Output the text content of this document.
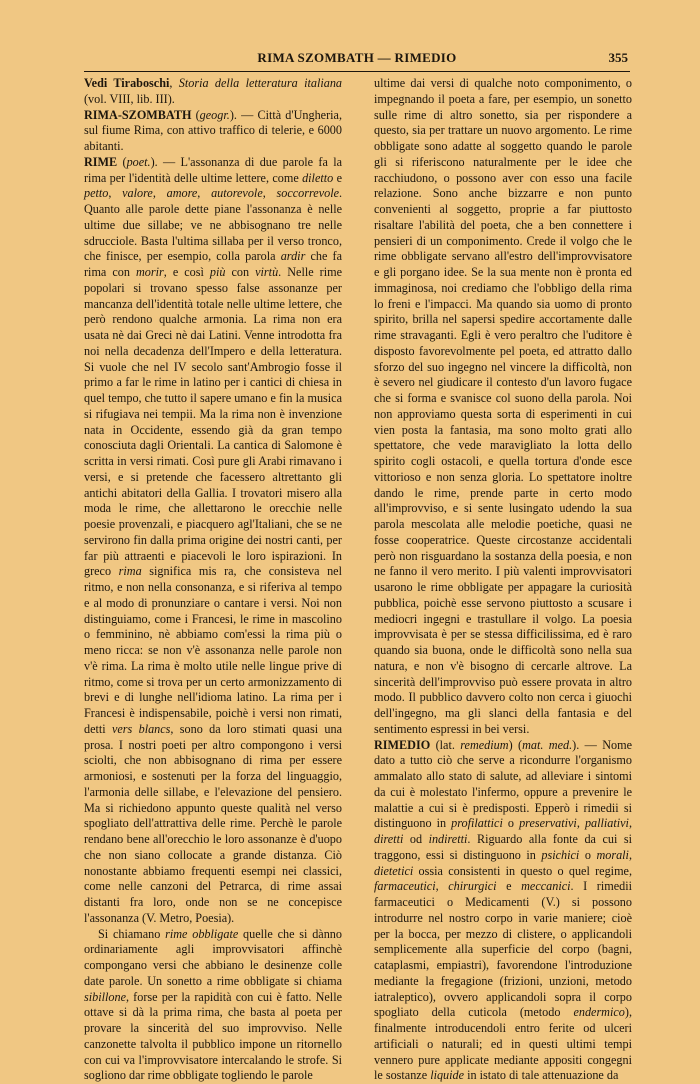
RIMA SZOMBATH — RIMEDIO	355

Vedi Tiraboschi, Storia della letteratura italiana (vol. VIII, lib. III).

RIMA-SZOMBATH (geogr.). — Città d'Ungheria, sul fiume Rima, con attivo traffico di telerie, e 6000 abitanti.

RIME (poet.). — L'assonanza di due parole fa la rima per l'identità delle ultime lettere, come diletto e petto, valore, amore, autorevole, soccorrevole. Quanto alle parole dette piane l'assonanza è nelle ultime due sillabe; ve ne abbisognano tre nelle sdrucciole. Basta l'ultima sillaba per il verso tronco, che finisce, per esempio, colla parola ardir che fa rima con morir, e così più con virtù. Nelle rime popolari si trovano spesso false assonanze per mancanza dell'identità totale nelle ultime lettere, che però rendono qualche armonia. La rima non era usata nè dai Greci nè dai Latini. Venne introdotta fra noi nella decadenza dell'Impero e della letteratura. Si vuole che nel IV secolo sant'Ambrogio fosse il primo a far le rime in latino per i cantici di chiesa in quel tempo, che tutto il sapere umano e fin la musica si rifugiava nei tempii. Ma la rima non è invenzione nata in Occidente, essendo già da gran tempo conosciuta dagli Orientali. La cantica di Salomone è scritta in versi rimati. Così pure gli Arabi rimavano i versi, e si pretende che facessero altrettanto gli antichi abitatori della Gallia. I trovatori misero alla moda le rime, che allettarono le orecchie nelle poesie provenzali, e piacquero agl'Italiani, che se ne servirono fin dalla prima origine dei nostri canti, per far più attraenti e piacevoli le loro ispirazioni. In greco rima significa mis ra, che consisteva nel ritmo, e non nella consonanza, e si riferiva al tempo e al modo di pronunziare o cantare i versi. Noi non distinguiamo, come i Francesi, le rime in mascolino o femminino, nè abbiamo com'essi la rima più o meno ricca: se non v'è assonanza nelle parole non v'è rima. La rima è molto utile nelle lingue prive di ritmo, come si trova per un certo armonizzamento di brevi e di lunghe nell'idioma latino. La rima per i Francesi è indispensabile, poichè i versi non rimati, detti vers blancs, sono da loro stimati quasi una prosa. I nostri poeti per altro compongono i versi sciolti, che non abbisognano di rima per essere armoniosi, e sostenuti per la forza del linguaggio, l'armonia delle sillabe, e l'elevazione del pensiero. Ma si richiedono appunto queste qualità nel verso spogliato dell'attrattiva delle rime. Perchè le parole rendano bene all'orecchio le loro assonanze è d'uopo che non siano collocate a grande distanza. Ciò nonostante abbiamo frequenti esempi nei classici, come nelle canzoni del Petrarca, di rime assai distanti fra loro, onde non se ne concepisce l'assonanza (V. Metro, Poesia).

Si chiamano rime obbligate quelle che si dànno ordinariamente agli improvvisatori affinchè compongano versi che abbiano le desinenze colle date parole. Un sonetto a rime obbligate si chiama sibillone, forse per la rapidità con cui è fatto. Nelle ottave si dà la prima rima, che basta al poeta per provare la sincerità del suo improvviso. Nelle canzonette talvolta il pubblico impone un ritornello con cui va l'improvvisatore intercalando le strofe. Si sogliono dar rime obbligate togliendo le parole

ultime dai versi di qualche noto componimento, o impegnando il poeta a fare, per esempio, un sonetto sulle rime di altro sonetto, sia per rispondere a questo, sia per trattare un nuovo argomento. Le rime obbligate sono adatte al soggetto quando le parole gli si riferiscono naturalmente per le idee che racchiudono, o possono aver con esso una facile relazione. Sono anche bizzarre e non punto convenienti al soggetto, proprie a far piuttosto risaltare l'abilità del poeta, che a ben connettere i pensieri di un componimento. Crede il volgo che le rime obbligate servano all'estro dell'improvvisatore e gli porgano idee. Se la sua mente non è pronta ed immaginosa, noi crediamo che l'obbligo della rima lo freni e l'impacci. Ma quando sia uomo di pronto spirito, brilla nel sapersi spedire accortamente dalle rime stravaganti. Egli è vero peraltro che l'uditore è disposto favorevolmente pel poeta, ed attratto dallo sforzo del suo ingegno nel vincere la difficoltà, non è severo nel giudicare il contesto d'un lavoro fugace che si forma e svanisce col suono della parola. Noi non approviamo questa sorta di esperimenti in cui vien posta la fantasia, ma sono molto grati allo spettatore, che vede maravigliato la lotta dello spirito cogli ostacoli, e quella tortura d'onde esce vittorioso e non senza gloria. Lo spettatore inoltre dando le rime, prende parte in certo modo all'improvviso, e si sente lusingato udendo la sua parola mescolata alle melodie poetiche, quasi ne fosse cooperatrice. Queste circostanze accidentali però non risguardano la sostanza della poesia, e non ne fanno il vero merito. I più valenti improvvisatori usarono le rime obbligate per appagare la curiosità pubblica, poichè esse servono piuttosto a scusare i mediocri ingegni e trastullare il volgo. La poesia improvvisata è per se stessa difficilissima, ed è raro quando sia buona, onde le difficoltà sono nella sua natura, e non v'è bisogno di cercarle altrove. La sincerità dell'improvviso può essere provata in altro modo. Il pubblico davvero colto non cerca i giuochi dell'ingegno, ma gli slanci della fantasia e del sentimento espressi in bei versi.

RIMEDIO (lat. remedium) (mat. med.). — Nome dato a tutto ciò che serve a ricondurre l'organismo ammalato allo stato di salute, ad alleviare i sintomi da cui è molestato l'infermo, oppure a prevenire le malattie a cui si è predisposti. Epperò i rimedii si distinguono in profilattici o preservativi, palliativi, diretti od indiretti. Riguardo alla fonte da cui si traggono, essi si distinguono in psichici o morali, dietetici ossia consistenti in questo o quel regime, farmaceutici, chirurgici e meccanici. I rimedii farmaceutici o Medicamenti (V.) si possono introdurre nel nostro corpo in varie maniere; cioè per la bocca, per mezzo di clistere, o applicandoli semplicemente alla superficie del corpo (bagni, cataplasmi, empiastri), favorendone l'introduzione mediante la fregagione (frizioni, unzioni, metodo iatraleptico), ovvero applicandoli sopra il corpo spogliato della cuticola (metodo endermico), finalmente introducendoli entro ferite od ulceri artificiali o naturali; ed in questi ultimi tempi vennero pure applicate mediante appositi congegni le sostanze liquide in istato di tale attenuazione da
